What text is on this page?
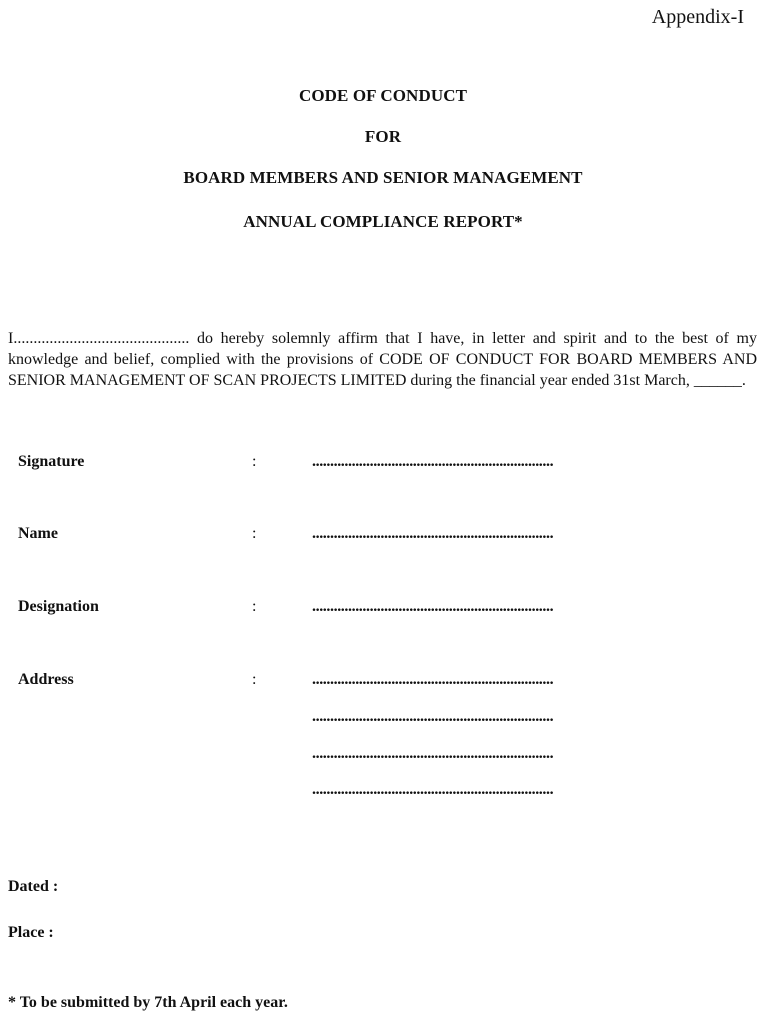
Appendix-I
CODE OF CONDUCT
FOR
BOARD MEMBERS AND SENIOR MANAGEMENT
ANNUAL COMPLIANCE REPORT*
I............................................ do hereby solemnly affirm that I have, in letter and spirit and to the best of my knowledge and belief, complied with the provisions of CODE OF CONDUCT FOR BOARD MEMBERS AND SENIOR MANAGEMENT OF SCAN PROJECTS LIMITED during the financial year ended 31st March, ______.
Signature	:	...................................................................
Name	:	...................................................................
Designation	:	...................................................................
Address	:	...................................................................
...................................................................
...................................................................
...................................................................
Dated :
Place :
* To be submitted by 7th April each year.
